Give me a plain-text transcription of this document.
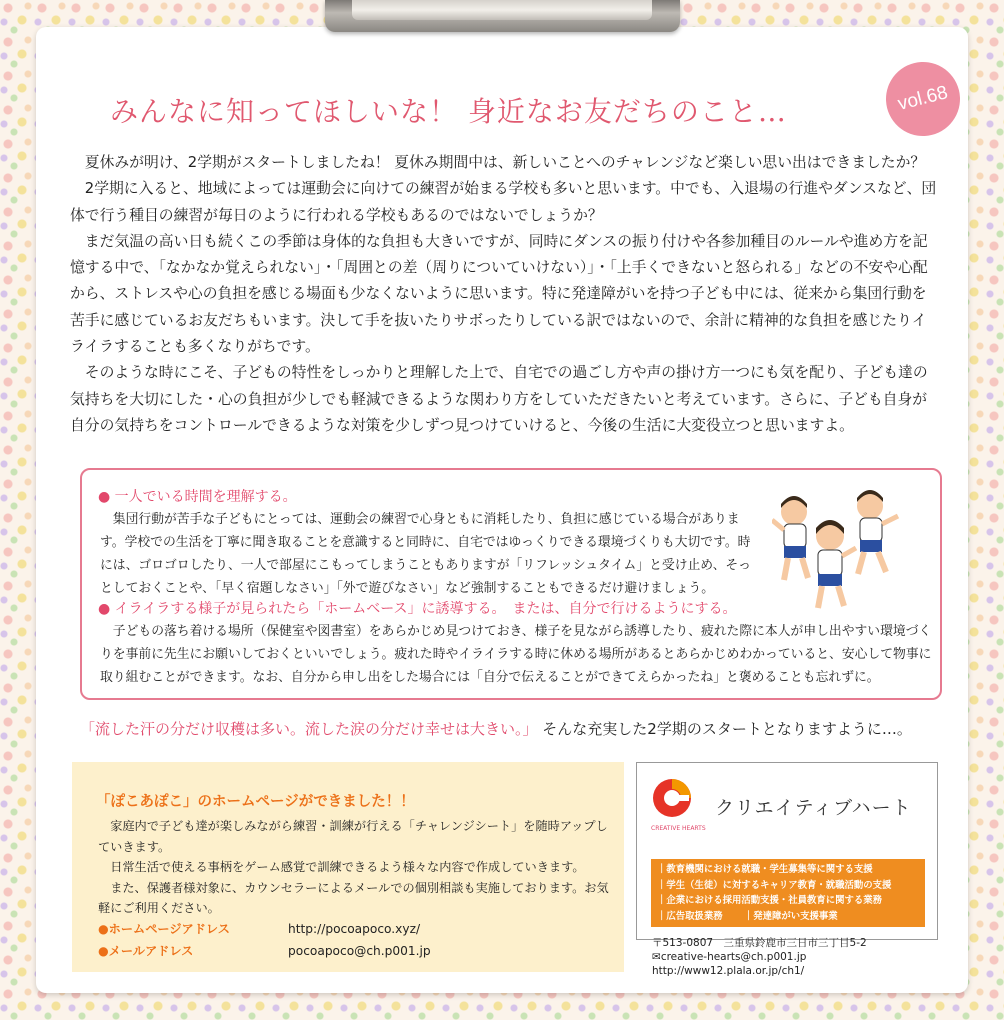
vol.68
みんなに知ってほしいな！ 身近なお友だちのこと…

夏休みが明け、2学期がスタートしましたね！ 夏休み期間中は、新しいことへのチャレンジなど楽しい思い出はできましたか？

2学期に入ると、地域によっては運動会に向けての練習が始まる学校も多いと思います。中でも、入退場の行進やダンスなど、団体で行う種目の練習が毎日のように行われる学校もあるのではないでしょうか？

まだ気温の高い日も続くこの季節は身体的な負担も大きいですが、同時にダンスの振り付けや各参加種目のルールや進め方を記憶する中で、「なかなか覚えられない」・「周囲との差（周りについていけない）」・「上手くできないと怒られる」などの不安や心配から、ストレスや心の負担を感じる場面も少なくないように思います。特に発達障がいを持つ子ども中には、従来から集団行動を苦手に感じているお友だちもいます。決して手を抜いたりサボったりしている訳ではないので、余計に精神的な負担を感じたりイライラすることも多くなりがちです。

そのような時にこそ、子どもの特性をしっかりと理解した上で、自宅での過ごし方や声の掛け方一つにも気を配り、子ども達の気持ちを大切にした・心の負担が少しでも軽減できるような関わり方をしていただきたいと考えています。さらに、子ども自身が自分の気持ちをコントロールできるような対策を少しずつ見つけていけると、今後の生活に大変役立つと思いますよ。

● 一人でいる時間を理解する。
集団行動が苦手な子どもにとっては、運動会の練習で心身ともに消耗したり、負担に感じている場合があります。学校での生活を丁寧に聞き取ることを意識すると同時に、自宅ではゆっくりできる環境づくりも大切です。時には、ゴロゴロしたり、一人で部屋にこもってしまうこともありますが「リフレッシュタイム」と受け止め、そっとしておくことや、「早く宿題しなさい」「外で遊びなさい」など強制することもできるだけ避けましょう。
● イライラする様子が見られたら「ホームベース」に誘導する。　または、自分で行けるようにする。
子どもの落ち着ける場所（保健室や図書室）をあらかじめ見つけておき、様子を見ながら誘導したり、疲れた際に本人が申し出やすい環境づくりを事前に先生にお願いしておくといいでしょう。疲れた時やイライラする時に休める場所があるとあらかじめわかっていると、安心して物事に取り組むことができます。なお、自分から申し出をした場合には「自分で伝えることができてえらかったね」と褒めることも忘れずに。
「流した汗の分だけ収穫は多い。流した涙の分だけ幸せは大きい。」 そんな充実した2学期のスタートとなりますように…。
「ぽこあぽこ」のホームページができました！！

家庭内で子ども達が楽しみながら練習・訓練が行える「チャレンジシート」を随時アップしていきます。

日常生活で使える事柄をゲーム感覚で訓練できるよう様々な内容で作成していきます。

また、保護者様対象に、カウンセラーによるメールでの個別相談も実施しております。お気軽にご利用ください。

●ホームページアドレス	http://pocoapoco.xyz/
●メールアドレス	pocoapoco@ch.p001.jp
CREATIVE HEARTS
クリエイティブハート
｜教育機関における就職・学生募集等に関する支援
｜学生（生徒）に対するキャリア教育・就職活動の支援
｜企業における採用活動支援・社員教育に関する業務
｜広告取扱業務 ｜発達障がい支援事業
〒513-0807　三重県鈴鹿市三日市三丁目5-2
✉creative-hearts@ch.p001.jp
http://www12.plala.or.jp/ch1/
